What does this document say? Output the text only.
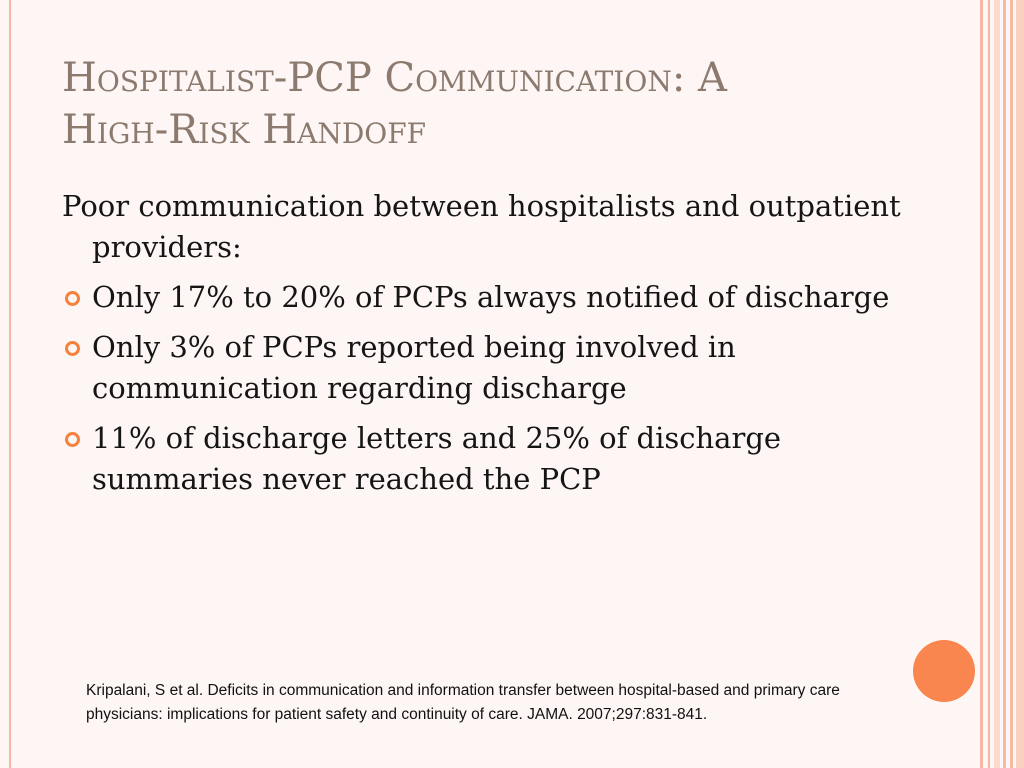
Hospitalist-PCP Communication: A
High-Risk Handoff

Poor communication between hospitalists and outpatient providers:

Only 17% to 20% of PCPs always notified of discharge
Only 3% of PCPs reported being involved in communication regarding discharge
11% of discharge letters and 25% of discharge summaries never reached the PCP
Kripalani, S et al. Deficits in communication and information transfer between hospital-based and primary care physicians: implications for patient safety and continuity of care. JAMA. 2007;297:831-841.
